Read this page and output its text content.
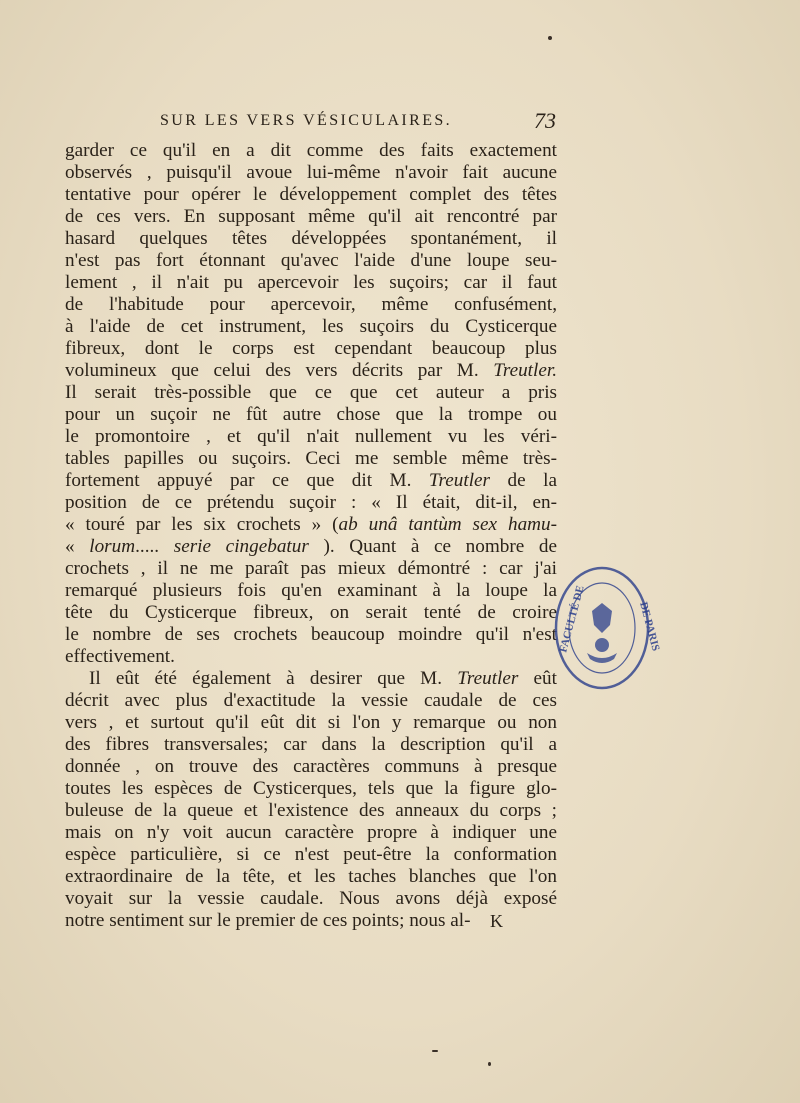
SUR LES VERS VÉSICULAIRES.	73
garder ce qu'il en a dit comme des faits exactement
observés , puisqu'il avoue lui-même n'avoir fait aucune
tentative pour opérer le développement complet des têtes
de ces vers. En supposant même qu'il ait rencontré par
hasard quelques têtes développées spontanément, il
n'est pas fort étonnant qu'avec l'aide d'une loupe seu-
lement , il n'ait pu apercevoir les suçoirs; car il faut
de l'habitude pour apercevoir, même confusément,
à l'aide de cet instrument, les suçoirs du Cysticerque
fibreux, dont le corps est cependant beaucoup plus
volumineux que celui des vers décrits par M. Treutler.
Il serait très-possible que ce que cet auteur a pris
pour un suçoir ne fût autre chose que la trompe ou
le promontoire , et qu'il n'ait nullement vu les véri-
tables papilles ou suçoirs. Ceci me semble même très-
fortement appuyé par ce que dit M. Treutler de la
position de ce prétendu suçoir : « Il était, dit-il, en-
« touré par les six crochets » (ab unâ tantùm sex hamu-
« lorum..... serie cingebatur ). Quant à ce nombre de
crochets , il ne me paraît pas mieux démontré : car j'ai
remarqué plusieurs fois qu'en examinant à la loupe la
tête du Cysticerque fibreux, on serait tenté de croire
le nombre de ses crochets beaucoup moindre qu'il n'est
effectivement.
Il eût été également à desirer que M. Treutler eût
décrit avec plus d'exactitude la vessie caudale de ces
vers , et surtout qu'il eût dit si l'on y remarque ou non
des fibres transversales; car dans la description qu'il a
donnée , on trouve des caractères communs à presque
toutes les espèces de Cysticerques, tels que la figure glo-
buleuse de la queue et l'existence des anneaux du corps ;
mais on n'y voit aucun caractère propre à indiquer une
espèce particulière, si ce n'est peut-être la conformation
extraordinaire de la tête, et les taches blanches que l'on
voyait sur la vessie caudale. Nous avons déjà exposé
notre sentiment sur le premier de ces points; nous al-	K
FACULTÉ DE	DE PARIS
